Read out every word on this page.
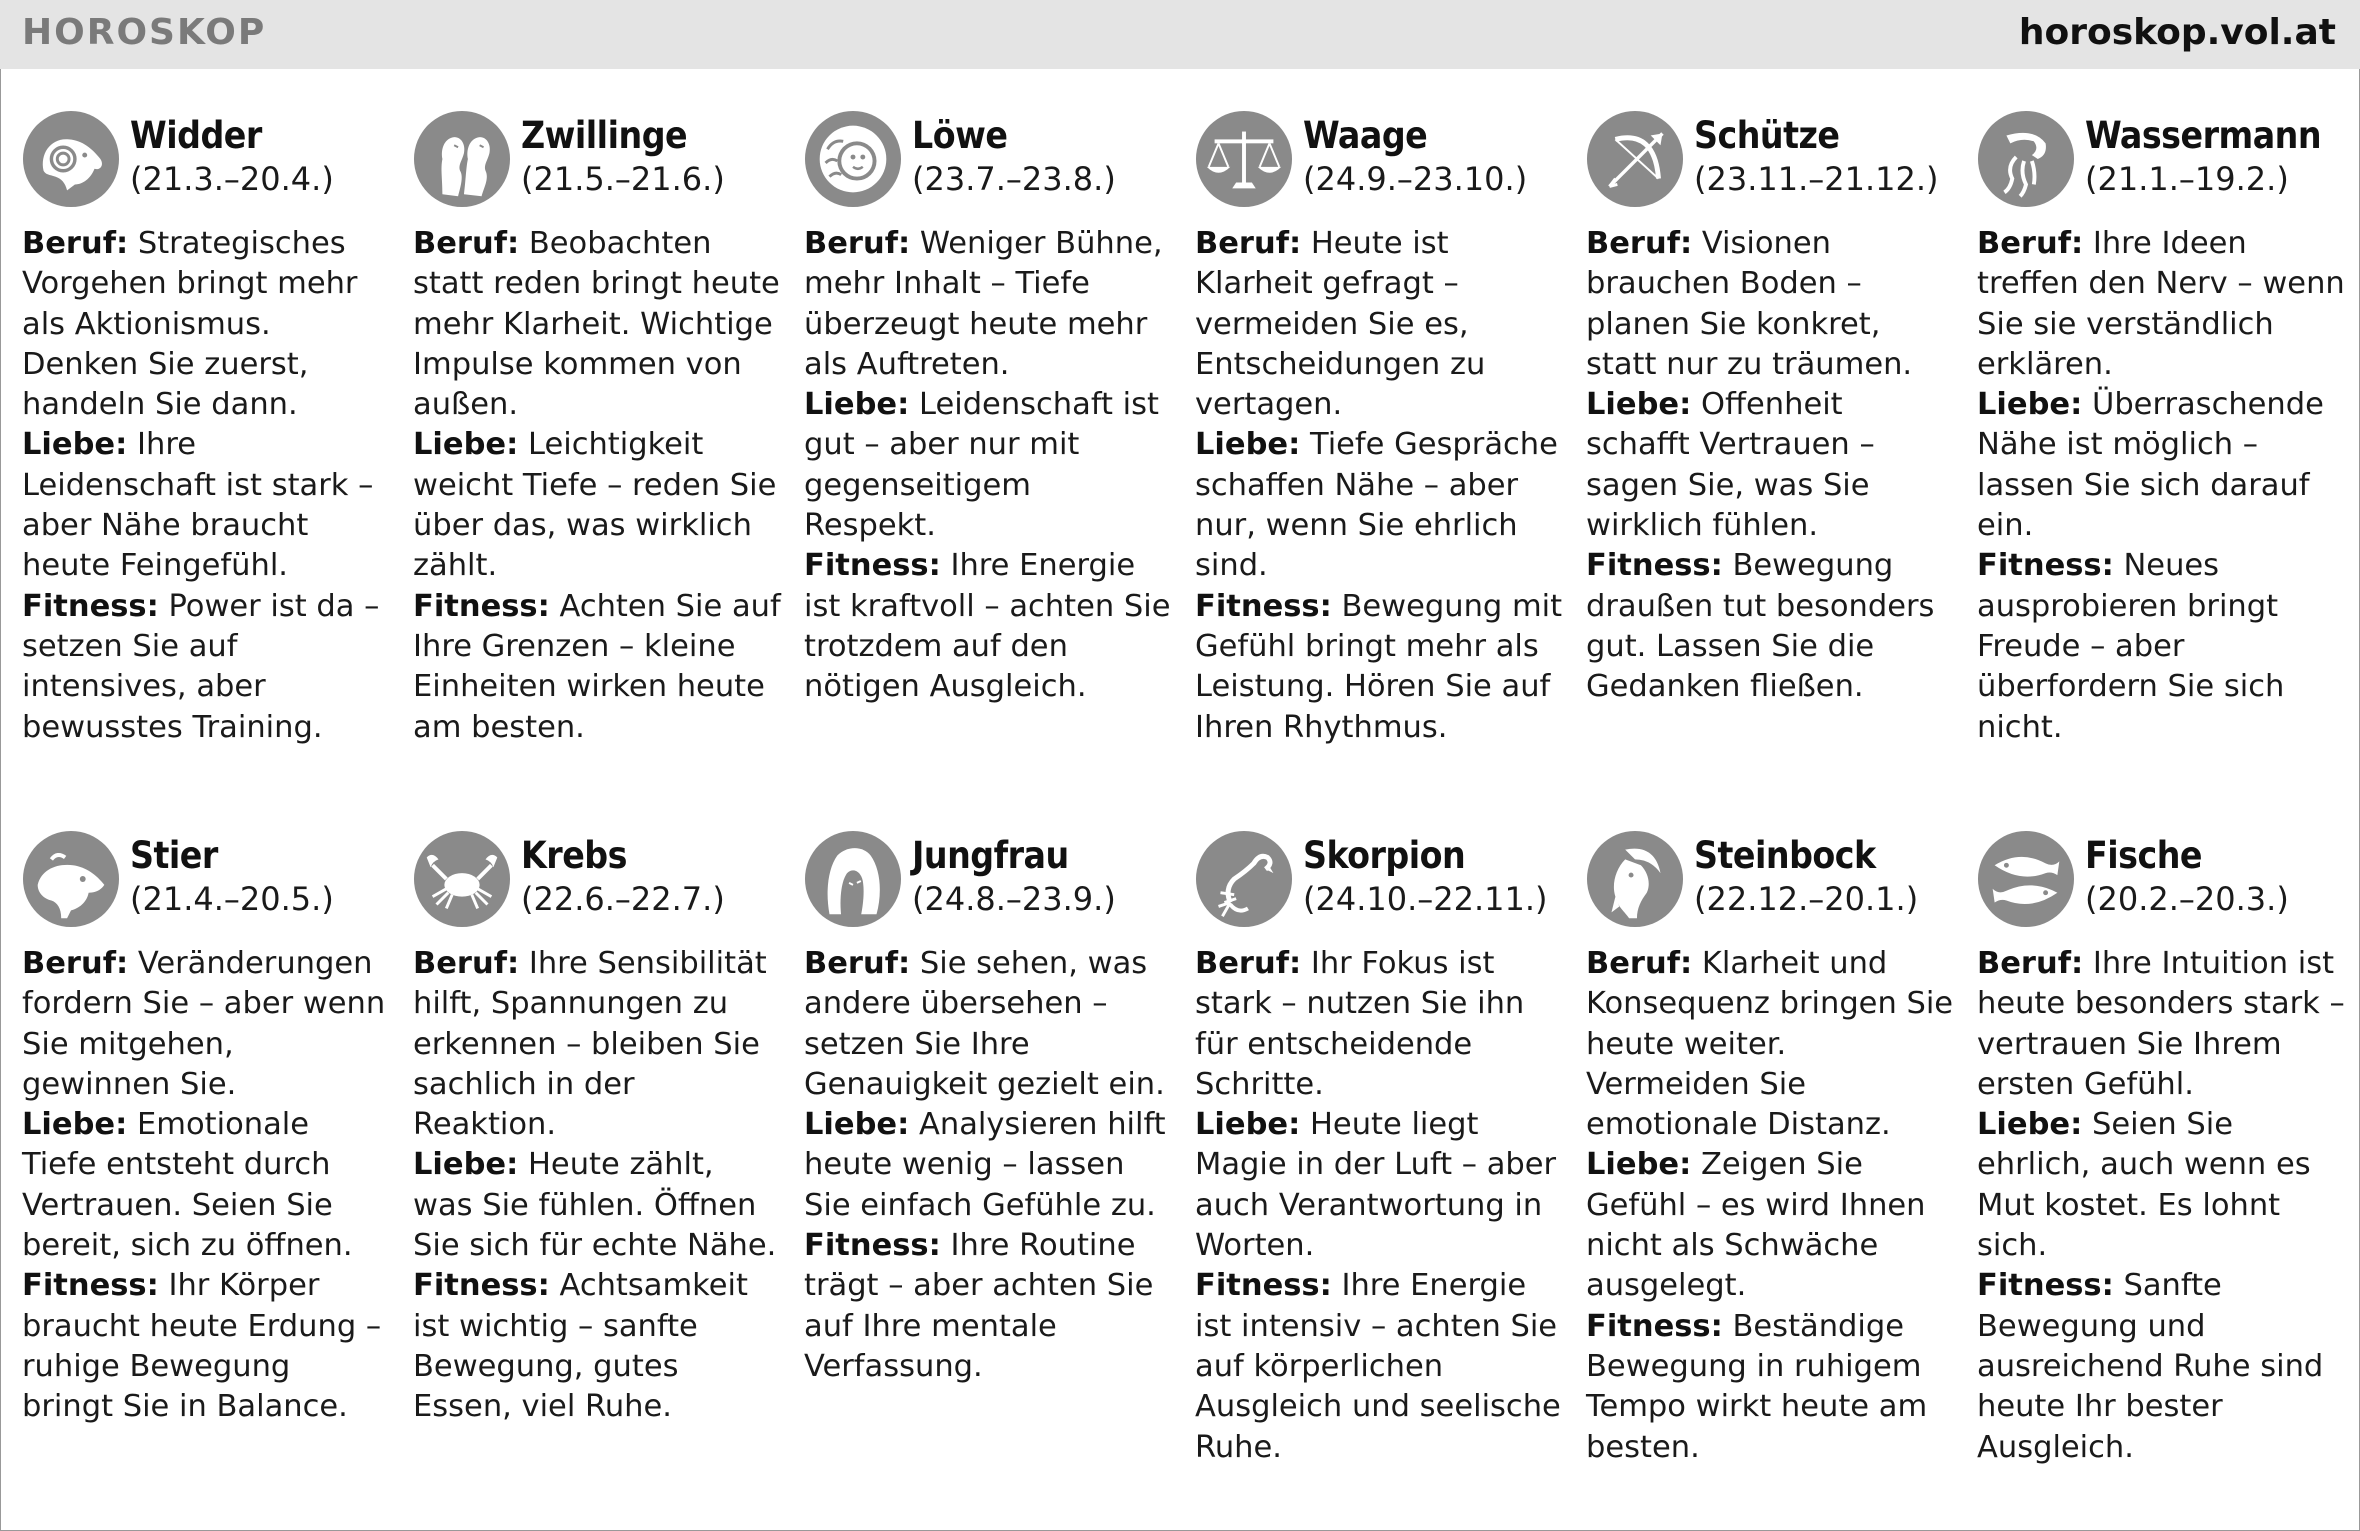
HOROSKOP	horoskop.vol.at
Widder
(21.3.–20.4.)
Beruf: Strategisches Vorgehen bringt mehr als Aktionismus. Denken Sie zuerst, handeln Sie dann.
Liebe: Ihre Leidenschaft ist stark – aber Nähe braucht heute Feingefühl.
Fitness: Power ist da – setzen Sie auf intensives, aber bewusstes Training.
Zwillinge
(21.5.–21.6.)
Beruf: Beobachten statt reden bringt heute mehr Klarheit. Wichtige Impulse kommen von außen.
Liebe: Leichtigkeit weicht Tiefe – reden Sie über das, was wirklich zählt.
Fitness: Achten Sie auf Ihre Grenzen – kleine Einheiten wirken heute am besten.
Löwe
(23.7.–23.8.)
Beruf: Weniger Bühne, mehr Inhalt – Tiefe überzeugt heute mehr als Auftreten.
Liebe: Leidenschaft ist gut – aber nur mit gegenseitigem Respekt.
Fitness: Ihre Energie ist kraftvoll – achten Sie trotzdem auf den nötigen Ausgleich.
Waage
(24.9.–23.10.)
Beruf: Heute ist Klarheit gefragt – vermeiden Sie es, Entscheidungen zu vertagen.
Liebe: Tiefe Gespräche schaffen Nähe – aber nur, wenn Sie ehrlich sind.
Fitness: Bewegung mit Gefühl bringt mehr als Leistung. Hören Sie auf Ihren Rhythmus.
Schütze
(23.11.–21.12.)
Beruf: Visionen brauchen Boden – planen Sie konkret, statt nur zu träumen.
Liebe: Offenheit schafft Vertrauen – sagen Sie, was Sie wirklich fühlen.
Fitness: Bewegung draußen tut besonders gut. Lassen Sie die Gedanken fließen.
Wassermann
(21.1.–19.2.)
Beruf: Ihre Ideen treffen den Nerv – wenn Sie sie verständlich erklären.
Liebe: Überraschende Nähe ist möglich – lassen Sie sich darauf ein.
Fitness: Neues ausprobieren bringt Freude – aber überfordern Sie sich nicht.
Stier
(21.4.–20.5.)
Beruf: Veränderungen fordern Sie – aber wenn Sie mitgehen, gewinnen Sie.
Liebe: Emotionale Tiefe entsteht durch Vertrauen. Seien Sie bereit, sich zu öffnen.
Fitness: Ihr Körper braucht heute Erdung – ruhige Bewegung bringt Sie in Balance.
Krebs
(22.6.–22.7.)
Beruf: Ihre Sensibilität hilft, Spannungen zu erkennen – bleiben Sie sachlich in der Reaktion.
Liebe: Heute zählt, was Sie fühlen. Öffnen Sie sich für echte Nähe.
Fitness: Achtsamkeit ist wichtig – sanfte Bewegung, gutes Essen, viel Ruhe.
Jungfrau
(24.8.–23.9.)
Beruf: Sie sehen, was andere übersehen – setzen Sie Ihre Genauigkeit gezielt ein.
Liebe: Analysieren hilft heute wenig – lassen Sie einfach Gefühle zu.
Fitness: Ihre Routine trägt – aber achten Sie auf Ihre mentale Verfassung.
Skorpion
(24.10.–22.11.)
Beruf: Ihr Fokus ist stark – nutzen Sie ihn für entscheidende Schritte.
Liebe: Heute liegt Magie in der Luft – aber auch Verantwortung in Worten.
Fitness: Ihre Energie ist intensiv – achten Sie auf körperlichen Ausgleich und seelische Ruhe.
Steinbock
(22.12.–20.1.)
Beruf: Klarheit und Konsequenz bringen Sie heute weiter. Vermeiden Sie emotionale Distanz.
Liebe: Zeigen Sie Gefühl – es wird Ihnen nicht als Schwäche ausgelegt.
Fitness: Beständige Bewegung in ruhigem Tempo wirkt heute am besten.
Fische
(20.2.–20.3.)
Beruf: Ihre Intuition ist heute besonders stark – vertrauen Sie Ihrem ersten Gefühl.
Liebe: Seien Sie ehrlich, auch wenn es Mut kostet. Es lohnt sich.
Fitness: Sanfte Bewegung und ausreichend Ruhe sind heute Ihr bester Ausgleich.
